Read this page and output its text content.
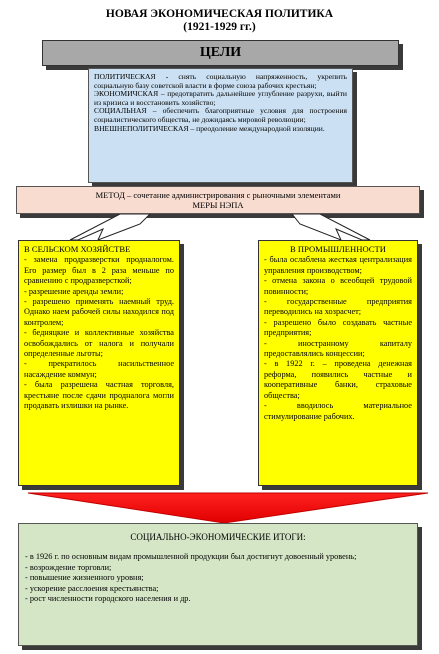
НОВАЯ ЭКОНОМИЧЕСКАЯ ПОЛИТИКА
(1921-1929 гг.)
ЦЕЛИ

ПОЛИТИЧЕСКАЯ - снять социальную напряженность, укрепить социальную базу советской власти в форме союза рабочих крестьян;

ЭКОНОМИЧСКАЯ – предотвратить дальнейшее углубление разрухи, выйти из кризиса и восстановить хозяйство;

СОЦИАЛЬНАЯ – обеспечить благоприятные условия для построения социалистического общества, не дожидаясь мировой революции;

ВНЕШНЕПОЛИТИЧЕСКАЯ – преодоление международной изоляции.

МЕТОД – сочетание администрирования с рыночными элементами
МЕРЫ НЭПА
В СЕЛЬСКОМ ХОЗЯЙСТВЕ

- замена продразверстки продналогом. Его размер был в 2 раза меньше по сравнению с продразверсткой;

- разрешение аренды земли;

- разрешено применять наемный труд. Однако наем рабочей силы находился под контролем;

- бедняцкие и коллективные хозяйства освобождались от налога и получали определенные льготы;

- прекратилось насильственное насаждение коммун;

- была разрешена частная торговля, крестьяне после сдачи продналога могли продавать излишки на рынке.

В ПРОМЫШЛЕННОСТИ

- была ослаблена жесткая централизация управления производством;

- отмена закона о всеобщей трудовой повинности;

- государственные предприятия переводились на хозрасчет;

- разрешено было создавать частные предприятия;

- иностранному капиталу предоставлялись концессии;

- в 1922 г. – проведена денежная реформа, появились частные и кооперативные банки, страховые общества;

- вводилось материальное стимулирование рабочих.

СОЦИАЛЬНО-ЭКОНОМИЧЕСКИЕ ИТОГИ:

- в 1926 г. по основным видам промышленной продукции был достигнут довоенный уровень;

- возрождение торговли;

- повышение жизненного уровня;

- ускорение расслоения крестьянства;

- рост численности городского населения и др.
